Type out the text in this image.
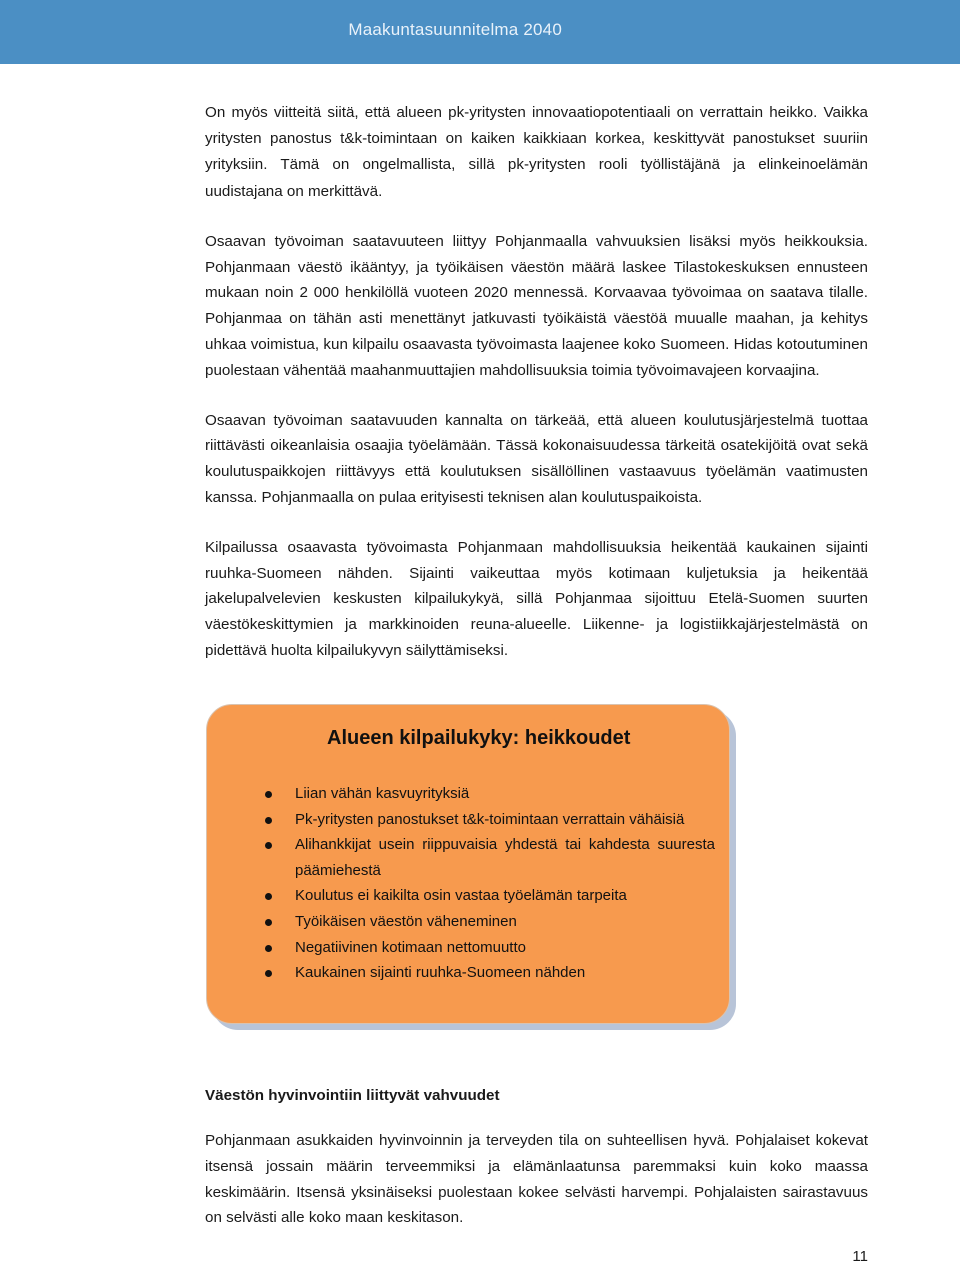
Maakuntasuunnitelma 2040

On myös viitteitä siitä, että alueen pk-yritysten innovaatiopotentiaali on verrattain heikko. Vaikka yritysten panostus t&k-toimintaan on kaiken kaikkiaan korkea, keskittyvät panostukset suuriin yrityksiin. Tämä on ongelmallista, sillä pk-yritysten rooli työllistäjänä ja elinkeinoelämän uudistajana on merkittävä.

Osaavan työvoiman saatavuuteen liittyy Pohjanmaalla vahvuuksien lisäksi myös heikkouksia. Pohjanmaan väestö ikääntyy, ja työikäisen väestön määrä laskee Tilastokeskuksen ennusteen mukaan noin 2 000 henkilöllä vuoteen 2020 mennessä. Korvaavaa työvoimaa on saatava tilalle. Pohjanmaa on tähän asti menettänyt jatkuvasti työikäistä väestöä muualle maahan, ja kehitys uhkaa voimistua, kun kilpailu osaavasta työvoimasta laajenee koko Suomeen. Hidas kotoutuminen puolestaan vähentää maahanmuuttajien mahdollisuuksia toimia työvoimavajeen korvaajina.

Osaavan työvoiman saatavuuden kannalta on tärkeää, että alueen koulutusjärjestelmä tuottaa riittävästi oikeanlaisia osaajia työelämään. Tässä kokonaisuudessa tärkeitä osatekijöitä ovat sekä koulutuspaikkojen riittävyys että koulutuksen sisällöllinen vastaavuus työelämän vaatimusten kanssa. Pohjanmaalla on pulaa erityisesti teknisen alan koulutuspaikoista.

Kilpailussa osaavasta työvoimasta Pohjanmaan mahdollisuuksia heikentää kaukainen sijainti ruuhka-Suomeen nähden. Sijainti vaikeuttaa myös kotimaan kuljetuksia ja heikentää jakelupalvelevien keskusten kilpailukykyä, sillä Pohjanmaa sijoittuu Etelä-Suomen suurten väestökeskittymien ja markkinoiden reuna-alueelle. Liikenne- ja logistiikkajärjestelmästä on pidettävä huolta kilpailukyvyn säilyttämiseksi.

Alueen kilpailukyky: heikkoudet
Liian vähän kasvuyrityksiä
Pk-yritysten panostukset t&k-toimintaan verrattain vähäisiä
Alihankkijat usein riippuvaisia yhdestä tai kahdesta suuresta päämiehestä
Koulutus ei kaikilta osin vastaa työelämän tarpeita
Työikäisen väestön väheneminen
Negatiivinen kotimaan nettomuutto
Kaukainen sijainti ruuhka-Suomeen nähden
Väestön hyvinvointiin liittyvät vahvuudet

Pohjanmaan asukkaiden hyvinvoinnin ja terveyden tila on suhteellisen hyvä. Pohjalaiset kokevat itsensä jossain määrin terveemmiksi ja elämänlaatunsa paremmaksi kuin koko maassa keskimäärin. Itsensä yksinäiseksi puolestaan kokee selvästi harvempi. Pohjalaisten sairastavuus on selvästi alle koko maan keskitason.

11
